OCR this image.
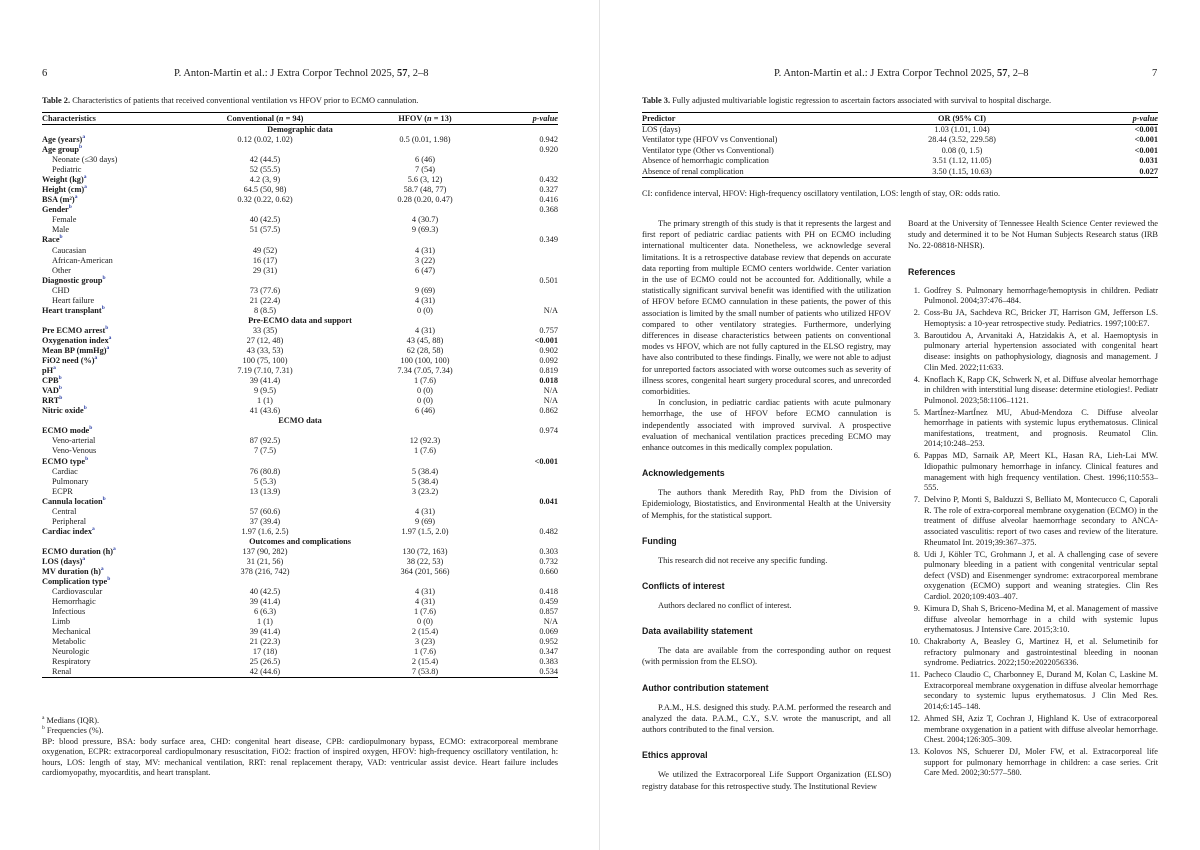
6	P. Anton-Martin et al.: J Extra Corpor Technol 2025, 57, 2–8
Table 2. Characteristics of patients that received conventional ventilation vs HFOV prior to ECMO cannulation.
Characteristics	Conventional (n = 94)	HFOV (n = 13)	p-value
Demographic data			
Age (years)$^a$	0.12 (0.02, 1.02)	0.5 (0.01, 1.98)	0.942
Age group$^b$			0.920
Neonate (≤30 days)	42 (44.5)	6 (46)	
Pediatric	52 (55.5)	7 (54)	
Weight (kg)$^a$	4.2 (3, 9)	5.6 (3, 12)	0.432
Height (cm)$^a$	64.5 (50, 98)	58.7 (48, 77)	0.327
BSA $(m^2)^a$	0.32 (0.22, 0.62)	0.28 (0.20, 0.47)	0.416
Gender$^b$			0.368
Female	40 (42.5)	4 (30.7)	
Male	51 (57.5)	9 (69.3)	
Race$^b$			0.349
Caucasian	49 (52)	4 (31)	
African-American	16 (17)	3 (22)	
Other	29 (31)	6 (47)	
Diagnostic group$^b$			0.501
CHD	73 (77.6)	9 (69)	
Heart failure	21 (22.4)	4 (31)	
Heart transplant$^b$	8 (8.5)	0 (0)	N/A
Pre-ECMO data and support			
Pre ECMO arrest$^b$	33 (35)	4 (31)	0.757
Oxygenation index$^a$	27 (12, 48)	43 (45, 88)	<0.001
Mean BP (mmHg)$^a$	43 (33, 53)	62 (28, 58)	0.902
FiO2 need (%)$^a$	100 (75, 100)	100 (100, 100)	0.092
$pH^a$	7.19 (7.10, 7.31)	7.34 (7.05, 7.34)	0.819
CPB$^b$	39 (41.4)	1 (7.6)	0.018
VAD$^b$	9 (9.5)	0 (0)	N/A
RRT$^b$	1 (1)	0 (0)	N/A
Nitric oxide$^b$	41 (43.6)	6 (46)	0.862
ECMO data			
ECMO mode$^b$			0.974
Veno-arterial	87 (92.5)	12 (92.3)	
Veno-Venous	7 (7.5)	1 (7.6)	
ECMO type$^b$			<0.001
Cardiac	76 (80.8)	5 (38.4)	
Pulmonary	5 (5.3)	5 (38.4)	
ECPR	13 (13.9)	3 (23.2)	
Cannula location$^b$			0.041
Central	57 (60.6)	4 (31)	
Peripheral	37 (39.4)	9 (69)	
Cardiac index$^a$	1.97 (1.6, 2.5)	1.97 (1.5, 2.0)	0.482
Outcomes and complications			
ECMO duration $(h)^a$	137 (90, 282)	130 (72, 163)	0.303
LOS (days)$^a$	31 (21, 56)	38 (22, 53)	0.732
MV duration $(h)^a$	378 (216, 742)	364 (201, 566)	0.660
Complication type$^b$			
Cardiovascular	40 (42.5)	4 (31)	0.418
Hemorrhagic	39 (41.4)	4 (31)	0.459
Infectious	6 (6.3)	1 (7.6)	0.857
Limb	1 (1)	0 (0)	N/A
Mechanical	39 (41.4)	2 (15.4)	0.069
Metabolic	21 (22.3)	3 (23)	0.952
Neurologic	17 (18)	1 (7.6)	0.347
Respiratory	25 (26.5)	2 (15.4)	0.383
Renal	42 (44.6)	7 (53.8)	0.534
$^a$ Medians (IQR).
$^b$ Frequencies (%).
BP: blood pressure, BSA: body surface area, CHD: congenital heart disease, CPB: cardiopulmonary bypass, ECMO: extracorporeal membrane oxygenation, ECPR: extracorporeal cardiopulmonary resuscitation, FiO2: fraction of inspired oxygen, HFOV: high-frequency oscillatory ventilation, h: hours, LOS: length of stay, MV: mechanical ventilation, RRT: renal replacement therapy, VAD: ventricular assist device. Heart failure includes cardiomyopathy, myocarditis, and heart transplant.
P. Anton-Martin et al.: J Extra Corpor Technol 2025, 57, 2–8	7
Table 3. Fully adjusted multivariable logistic regression to ascertain factors associated with survival to hospital discharge.
Predictor	OR (95% CI)	p-value
LOS (days)	1.03 (1.01, 1.04)	<0.001
Ventilator type (HFOV vs Conventional)	28.44 (3.52, 229.58)	<0.001
Ventilator type (Other vs Conventional)	0.08 (0, 1.5)	<0.001
Absence of hemorrhagic complication	3.51 (1.12, 11.05)	0.031
Absence of renal complication	3.50 (1.15, 10.63)	0.027
CI: confidence interval, HFOV: High-frequency oscillatory ventilation, LOS: length of stay, OR: odds ratio.

The primary strength of this study is that it represents the largest and first report of pediatric cardiac patients with PH on ECMO including international multicenter data. Nonetheless, we acknowledge several limitations. It is a retrospective database review that depends on accurate data reporting from multiple ECMO centers worldwide. Center variation in the use of ECMO could not be accounted for. Additionally, while a statistically significant survival benefit was identified with the utilization of HFOV before ECMO cannulation in these patients, the power of this association is limited by the small number of patients who utilized HFOV compared to other ventilatory strategies. Furthermore, underlying differences in disease characteristics between patients on conventional modes vs HFOV, which are not fully captured in the ELSO registry, may have also contributed to these findings. Finally, we were not able to adjust for unreported factors associated with worse outcomes such as severity of illness scores, congenital heart surgery procedural scores, and unrecorded comorbidities.

In conclusion, in pediatric cardiac patients with acute pulmonary hemorrhage, the use of HFOV before ECMO cannulation is independently associated with improved survival. A prospective evaluation of mechanical ventilation practices preceding ECMO may enhance outcomes in this medically complex population.

Acknowledgements

The authors thank Meredith Ray, PhD from the Division of Epidemiology, Biostatistics, and Environmental Health at the University of Memphis, for the statistical support.

Funding

This research did not receive any specific funding.

Conflicts of interest

Authors declared no conflict of interest.

Data availability statement

The data are available from the corresponding author on request (with permission from the ELSO).

Author contribution statement

P.A.M., H.S. designed this study. P.A.M. performed the research and analyzed the data. P.A.M., C.Y., S.V. wrote the manuscript, and all authors contributed to the final version.

Ethics approval

We utilized the Extracorporeal Life Support Organization (ELSO) registry database for this retrospective study. The Institutional Review

Board at the University of Tennessee Health Science Center reviewed the study and determined it to be Not Human Subjects Research status (IRB No. 22-08818-NHSR).

References
1. Godfrey S. Pulmonary hemorrhage/hemoptysis in children. Pediatr Pulmonol. 2004;37:476–484.
2. Coss-Bu JA, Sachdeva RC, Bricker JT, Harrison GM, Jefferson LS. Hemoptysis: a 10-year retrospective study. Pediatrics. 1997;100:E7.
3. Baroutidou A, Arvanitaki A, Hatzidakis A, et al. Haemoptysis in pulmonary arterial hypertension associated with congenital heart disease: insights on pathophysiology, diagnosis and management. J Clin Med. 2022;11:633.
4. Knoflach K, Rapp CK, Schwerk N, et al. Diffuse alveolar hemorrhage in children with interstitial lung disease: determine etiologies!. Pediatr Pulmonol. 2023;58:1106–1121.
5. MartÍnez-MartÍnez MU, Abud-Mendoza C. Diffuse alveolar hemorrhage in patients with systemic lupus erythematosus. Clinical manifestations, treatment, and prognosis. Reumatol Clin. 2014;10:248–253.
6. Pappas MD, Sarnaik AP, Meert KL, Hasan RA, Lieh-Lai MW. Idiopathic pulmonary hemorrhage in infancy. Clinical features and management with high frequency ventilation. Chest. 1996;110:553–555.
7. Delvino P, Monti S, Balduzzi S, Belliato M, Montecucco C, Caporali R. The role of extra-corporeal membrane oxygenation (ECMO) in the treatment of diffuse alveolar haemorrhage secondary to ANCA-associated vasculitis: report of two cases and review of the literature. Rheumatol Int. 2019;39:367–375.
8. Udi J, Köhler TC, Grohmann J, et al. A challenging case of severe pulmonary bleeding in a patient with congenital ventricular septal defect (VSD) and Eisenmenger syndrome: extracorporeal membrane oxygenation (ECMO) support and weaning strategies. Clin Res Cardiol. 2020;109:403–407.
9. Kimura D, Shah S, Briceno-Medina M, et al. Management of massive diffuse alveolar hemorrhage in a child with systemic lupus erythematosus. J Intensive Care. 2015;3:10.
10. Chakraborty A, Beasley G, Martinez H, et al. Selumetinib for refractory pulmonary and gastrointestinal bleeding in noonan syndrome. Pediatrics. 2022;150:e2022056336.
11. Pacheco Claudio C, Charbonney E, Durand M, Kolan C, Laskine M. Extracorporeal membrane oxygenation in diffuse alveolar hemorrhage secondary to systemic lupus erythematosus. J Clin Med Res. 2014;6:145–148.
12. Ahmed SH, Aziz T, Cochran J, Highland K. Use of extracorporeal membrane oxygenation in a patient with diffuse alveolar hemorrhage. Chest. 2004;126:305–309.
13. Kolovos NS, Schuerer DJ, Moler FW, et al. Extracorporeal life support for pulmonary hemorrhage in children: a case series. Crit Care Med. 2002;30:577–580.
